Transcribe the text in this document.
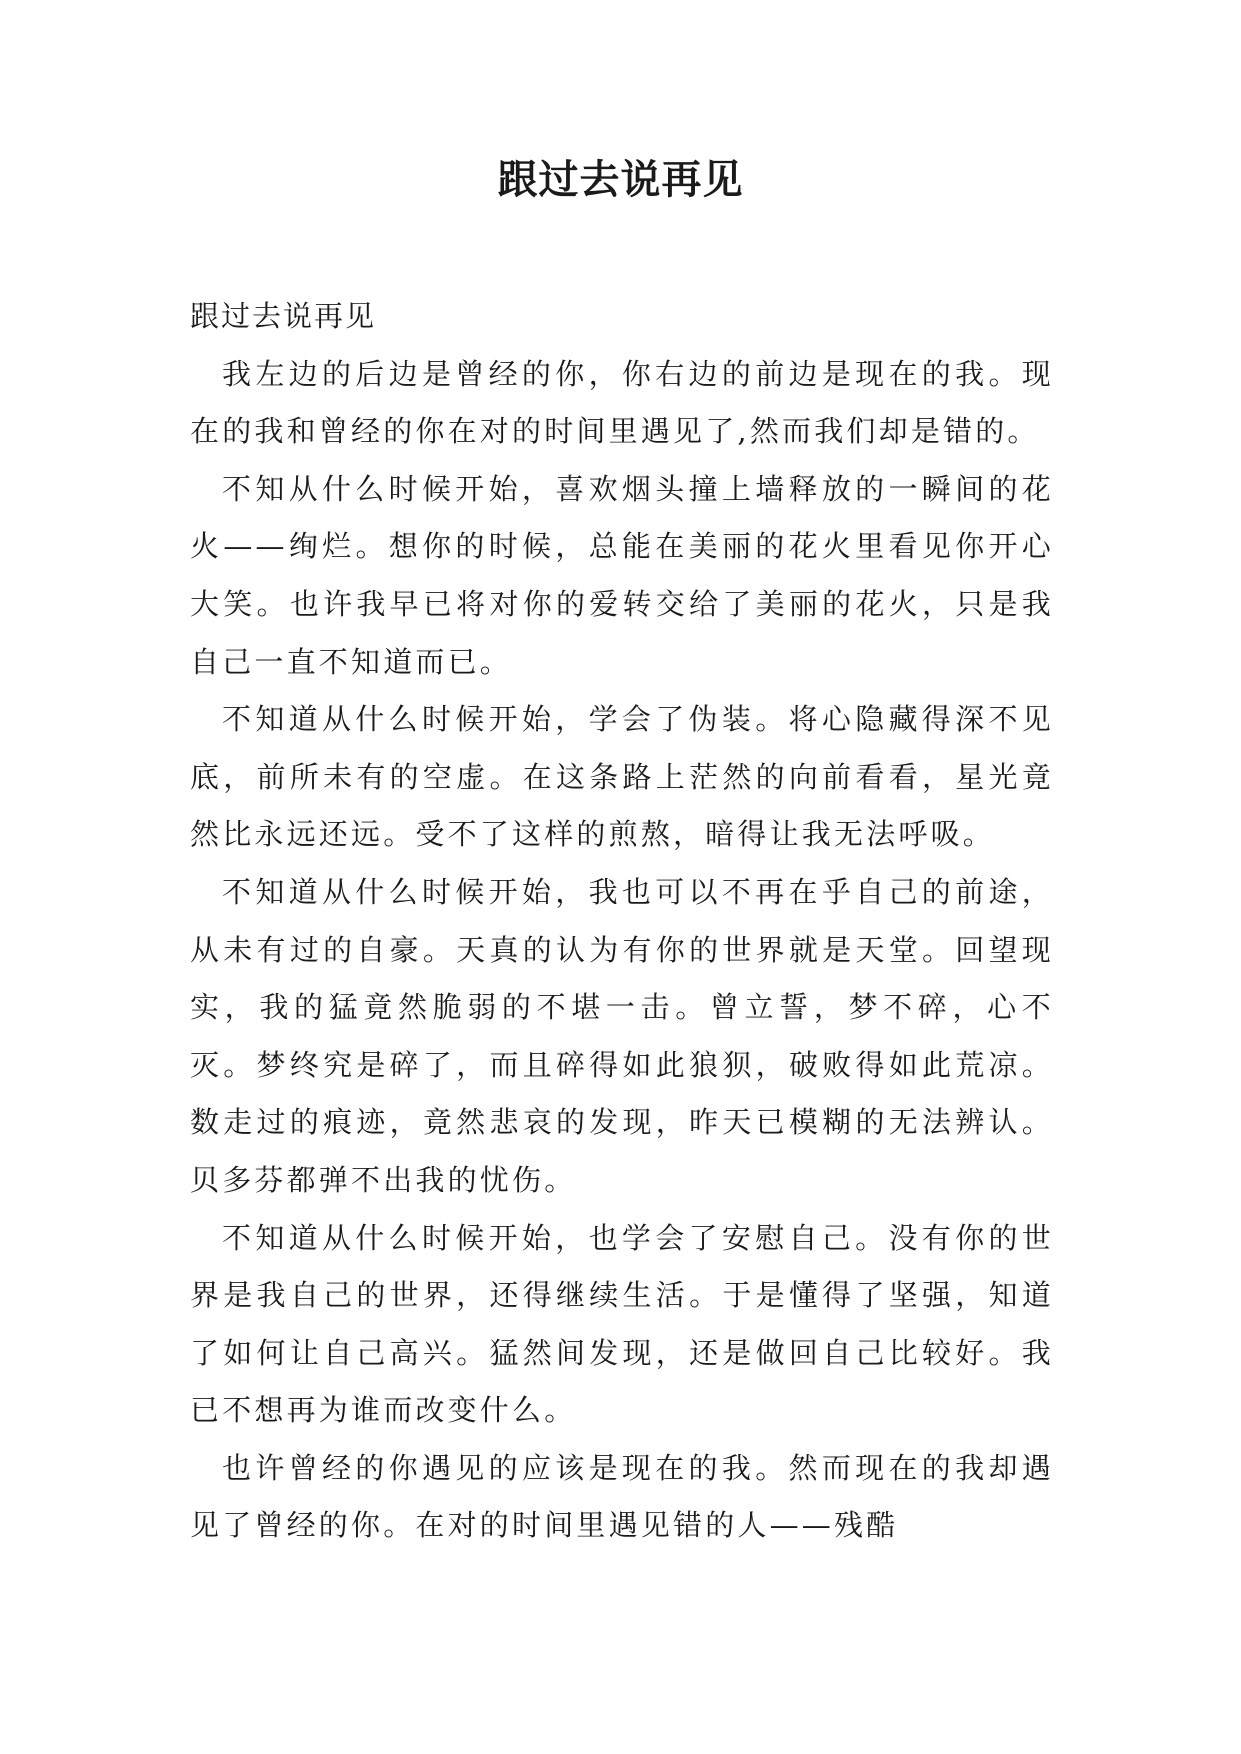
跟过去说再见

跟过去说再见

我左边的后边是曾经的你，你右边的前边是现在的我。现在的我和曾经的你在对的时间里遇见了,然而我们却是错的。

不知从什么时候开始，喜欢烟头撞上墙释放的一瞬间的花火——绚烂。想你的时候，总能在美丽的花火里看见你开心大笑。也许我早已将对你的爱转交给了美丽的花火，只是我自己一直不知道而已。

不知道从什么时候开始，学会了伪装。将心隐藏得深不见底，前所未有的空虚。在这条路上茫然的向前看看，星光竟然比永远还远。受不了这样的煎熬，暗得让我无法呼吸。

不知道从什么时候开始，我也可以不再在乎自己的前途，从未有过的自豪。天真的认为有你的世界就是天堂。回望现实，我的猛竟然脆弱的不堪一击。曾立誓，梦不碎，心不灭。梦终究是碎了，而且碎得如此狼狈，破败得如此荒凉。数走过的痕迹，竟然悲哀的发现，昨天已模糊的无法辨认。贝多芬都弹不出我的忧伤。

不知道从什么时候开始，也学会了安慰自己。没有你的世界是我自己的世界，还得继续生活。于是懂得了坚强，知道了如何让自己高兴。猛然间发现，还是做回自己比较好。我已不想再为谁而改变什么。

也许曾经的你遇见的应该是现在的我。然而现在的我却遇见了曾经的你。在对的时间里遇见错的人——残酷
